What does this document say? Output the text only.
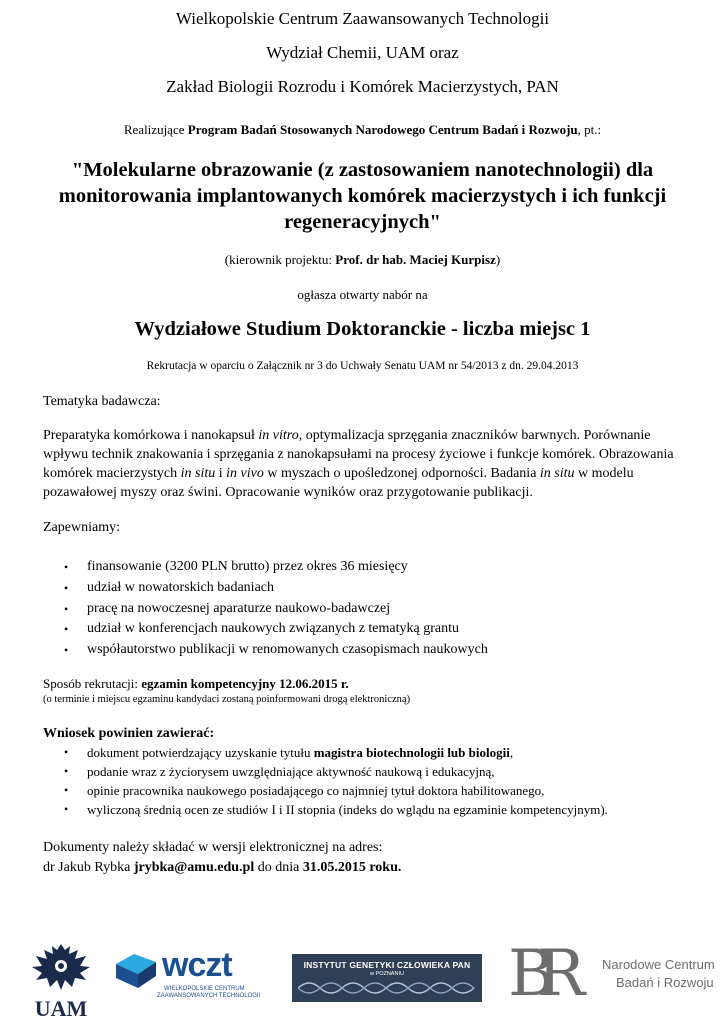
Wielkopolskie Centrum Zaawansowanych Technologii

Wydział Chemii, UAM oraz

Zakład Biologii Rozrodu i Komórek Macierzystych, PAN

Realizujące Program Badań Stosowanych Narodowego Centrum Badań i Rozwoju, pt.:

"Molekularne obrazowanie (z zastosowaniem nanotechnologii) dla monitorowania implantowanych komórek macierzystych i ich funkcji regeneracyjnych"

(kierownik projektu: Prof. dr hab. Maciej Kurpisz)

ogłasza otwarty nabór na

Wydziałowe Studium Doktoranckie - liczba miejsc 1

Rekrutacja w oparciu o Załącznik nr 3 do Uchwały Senatu UAM nr 54/2013 z dn. 29.04.2013

Tematyka badawcza:

Preparatyka komórkowa i nanokapsuł in vitro, optymalizacja sprzęgania znaczników barwnych. Porównanie wpływu technik znakowania i sprzęgania z nanokapsułami na procesy życiowe i funkcje komórek. Obrazowania komórek macierzystych in situ i in vivo w myszach o upośledzonej odporności. Badania in situ w modelu pozawałowej myszy oraz świni. Opracowanie wyników oraz przygotowanie publikacji.

Zapewniamy:

• finansowanie (3200 PLN brutto) przez okres 36 miesięcy
• udział w nowatorskich badaniach
• pracę na nowoczesnej aparaturze naukowo-badawczej
• udział w konferencjach naukowych związanych z tematyką grantu
• współautorstwo publikacji w renomowanych czasopismach naukowych

Sposób rekrutacji: egzamin kompetencyjny 12.06.2015 r.

(o terminie i miejscu egzaminu kandydaci zostaną poinformowani drogą elektroniczną)

Wniosek powinien zawierać:

• dokument potwierdzający uzyskanie tytułu magistra biotechnologii lub biologii,
• podanie wraz z życiorysem uwzględniające aktywność naukową i edukacyjną,
• opinie pracownika naukowego posiadającego co najmniej tytuł doktora habilitowanego,
• wyliczoną średnią ocen ze studiów I i II stopnia (indeks do wglądu na egzaminie kompetencyjnym).

Dokumenty należy składać w wersji elektronicznej na adres:

dr Jakub Rybka jrybka@amu.edu.pl do dnia 31.05.2015 roku.

UAM
wczt
WIELKOPOLSKIE CENTRUM
ZAAWANSOWANYCH TECHNOLOGII
INSTYTUT GENETYKI CZŁOWIEKA PAN
w POZNANIU	BR	Narodowe Centrum
Badań i Rozwoju
